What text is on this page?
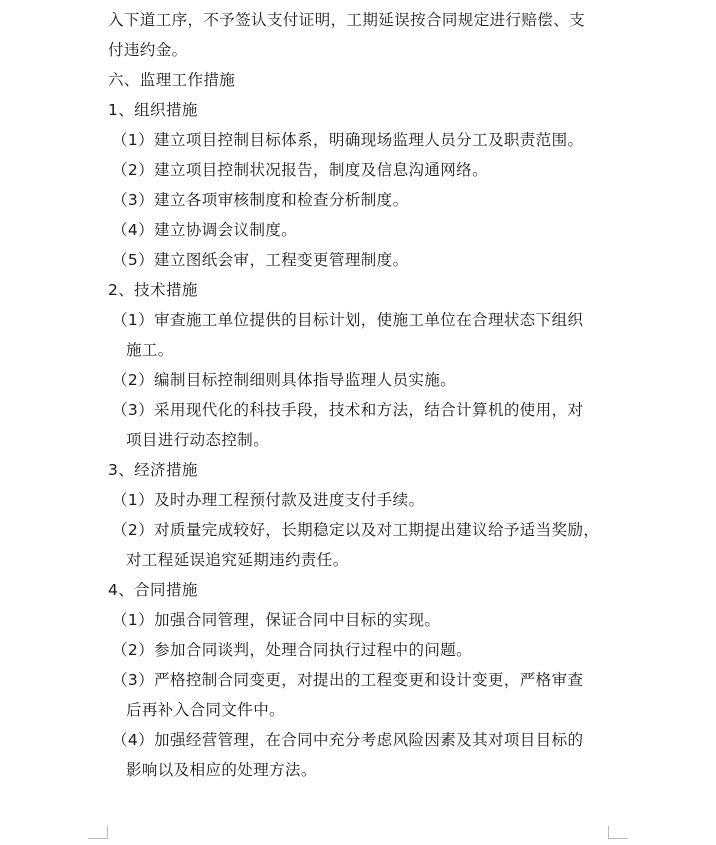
入下道工序，不予签认支付证明，工期延误按合同规定进行赔偿、支
付违约金。
六、监理工作措施
1、组织措施
（1）建立项目控制目标体系，明确现场监理人员分工及职责范围。
（2）建立项目控制状况报告，制度及信息沟通网络。
（3）建立各项审核制度和检查分析制度。
（4）建立协调会议制度。
（5）建立图纸会审，工程变更管理制度。
2、技术措施
（1）审查施工单位提供的目标计划，使施工单位在合理状态下组织
施工。
（2）编制目标控制细则具体指导监理人员实施。
（3）采用现代化的科技手段，技术和方法，结合计算机的使用，对
项目进行动态控制。
3、经济措施
（1）及时办理工程预付款及进度支付手续。
（2）对质量完成较好，长期稳定以及对工期提出建议给予适当奖励，
对工程延误追究延期违约责任。
4、合同措施
（1）加强合同管理，保证合同中目标的实现。
（2）参加合同谈判，处理合同执行过程中的问题。
（3）严格控制合同变更，对提出的工程变更和设计变更，严格审查
后再补入合同文件中。
（4）加强经营管理，在合同中充分考虑风险因素及其对项目目标的
影响以及相应的处理方法。
